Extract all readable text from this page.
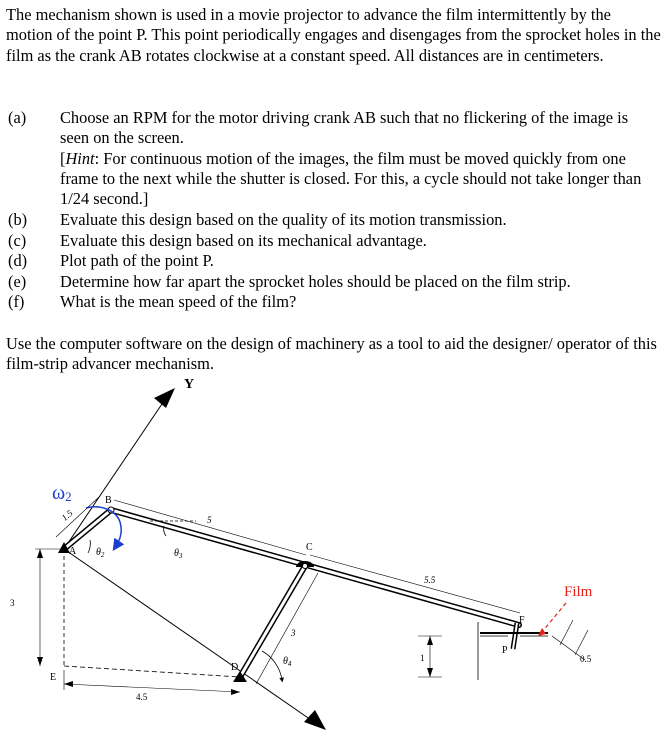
The mechanism shown is used in a movie projector to advance the film intermittently by the motion of the point P. This point periodically engages and disengages from the sprocket holes in the film as the crank AB rotates clockwise at a constant speed. All distances are in centimeters.

(a) Choose an RPM for the motor driving crank AB such that no flickering of the image is seen on the screen.
[Hint: For continuous motion of the images, the film must be moved quickly from one frame to the next while the shutter is closed. For this, a cycle should not take longer than 1/24 second.]
(b) Evaluate this design based on the quality of its motion transmission.
(c) Evaluate this design based on its mechanical advantage.
(d) Plot path of the point P.
(e) Determine how far apart the sprocket holes should be placed on the film strip.
(f) What is the mean speed of the film?

Use the computer software on the design of machinery as a tool to aid the designer/ operator of this film-strip advancer mechanism.

Y
A
B
C
D
E
F
P
ω2
$\theta_2$	$\theta_3$
$\theta_4$
1.5	5
5.5
3
3
4.5
1	0.5
Film
